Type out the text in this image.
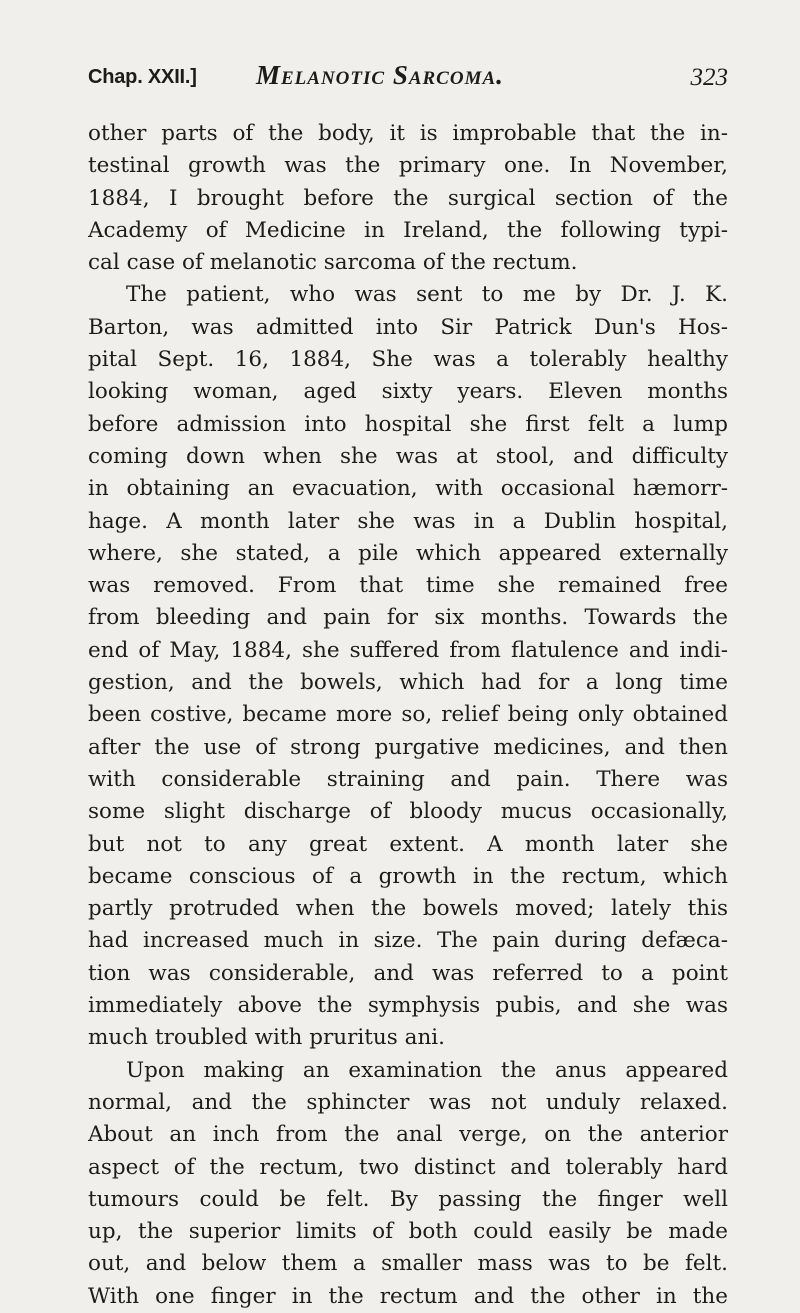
Chap. XXII.] Melanotic Sarcoma.	323
other parts of the body, it is improbable that the in-
testinal growth was the primary one. In November,
1884, I brought before the surgical section of the
Academy of Medicine in Ireland, the following typi-
cal case of melanotic sarcoma of the rectum.
The patient, who was sent to me by Dr. J. K.
Barton, was admitted into Sir Patrick Dun's Hos-
pital Sept. 16, 1884, She was a tolerably healthy
looking woman, aged sixty years. Eleven months
before admission into hospital she first felt a lump
coming down when she was at stool, and difficulty
in obtaining an evacuation, with occasional hæmorr-
hage. A month later she was in a Dublin hospital,
where, she stated, a pile which appeared externally
was removed. From that time she remained free
from bleeding and pain for six months. Towards the
end of May, 1884, she suffered from flatulence and indi-
gestion, and the bowels, which had for a long time
been costive, became more so, relief being only obtained
after the use of strong purgative medicines, and then
with considerable straining and pain. There was
some slight discharge of bloody mucus occasionally,
but not to any great extent. A month later she
became conscious of a growth in the rectum, which
partly protruded when the bowels moved; lately this
had increased much in size. The pain during defæca-
tion was considerable, and was referred to a point
immediately above the symphysis pubis, and she was
much troubled with pruritus ani.
Upon making an examination the anus appeared
normal, and the sphincter was not unduly relaxed.
About an inch from the anal verge, on the anterior
aspect of the rectum, two distinct and tolerably hard
tumours could be felt. By passing the finger well
up, the superior limits of both could easily be made
out, and below them a smaller mass was to be felt.
With one finger in the rectum and the other in the
